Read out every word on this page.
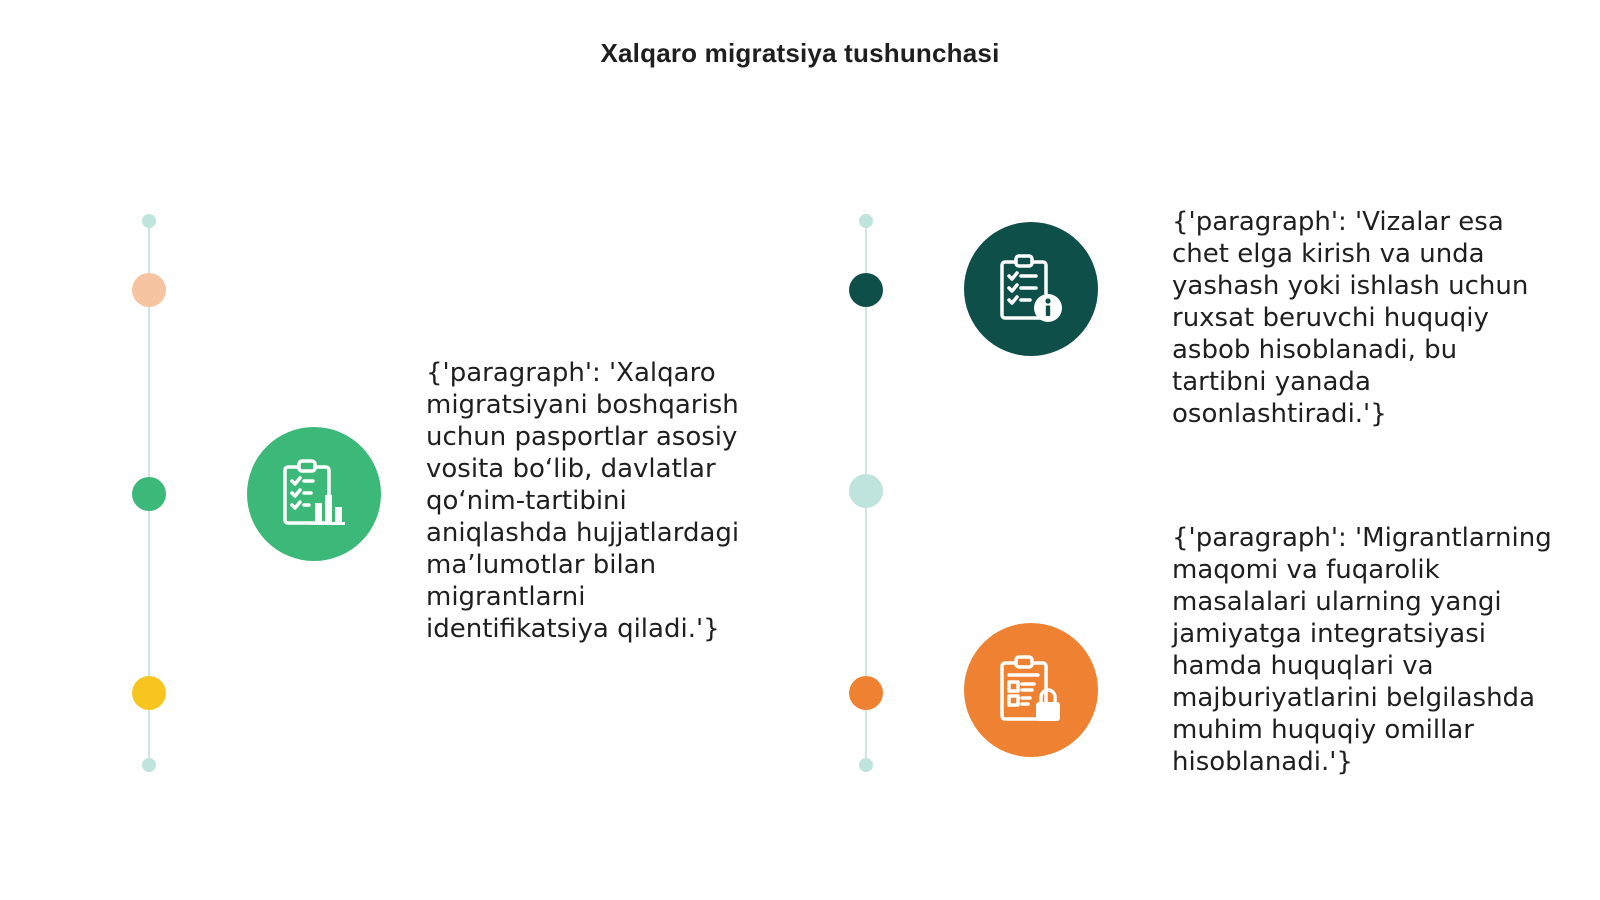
Xalqaro migratsiya tushunchasi
{'paragraph': 'Xalqaro migratsiyani boshqarish uchun pasportlar asosiy vosita bo‘lib, davlatlar qo‘nim-tartibini aniqlashda hujjatlardagi ma’lumotlar bilan migrantlarni identifikatsiya qiladi.'}
{'paragraph': 'Vizalar esa chet elga kirish va unda yashash yoki ishlash uchun ruxsat beruvchi huquqiy asbob hisoblanadi, bu tartibni yanada osonlashtiradi.'}
{'paragraph': 'Migrantlarning maqomi va fuqarolik masalalari ularning yangi jamiyatga integratsiyasi hamda huquqlari va majburiyatlarini belgilashda muhim huquqiy omillar hisoblanadi.'}
